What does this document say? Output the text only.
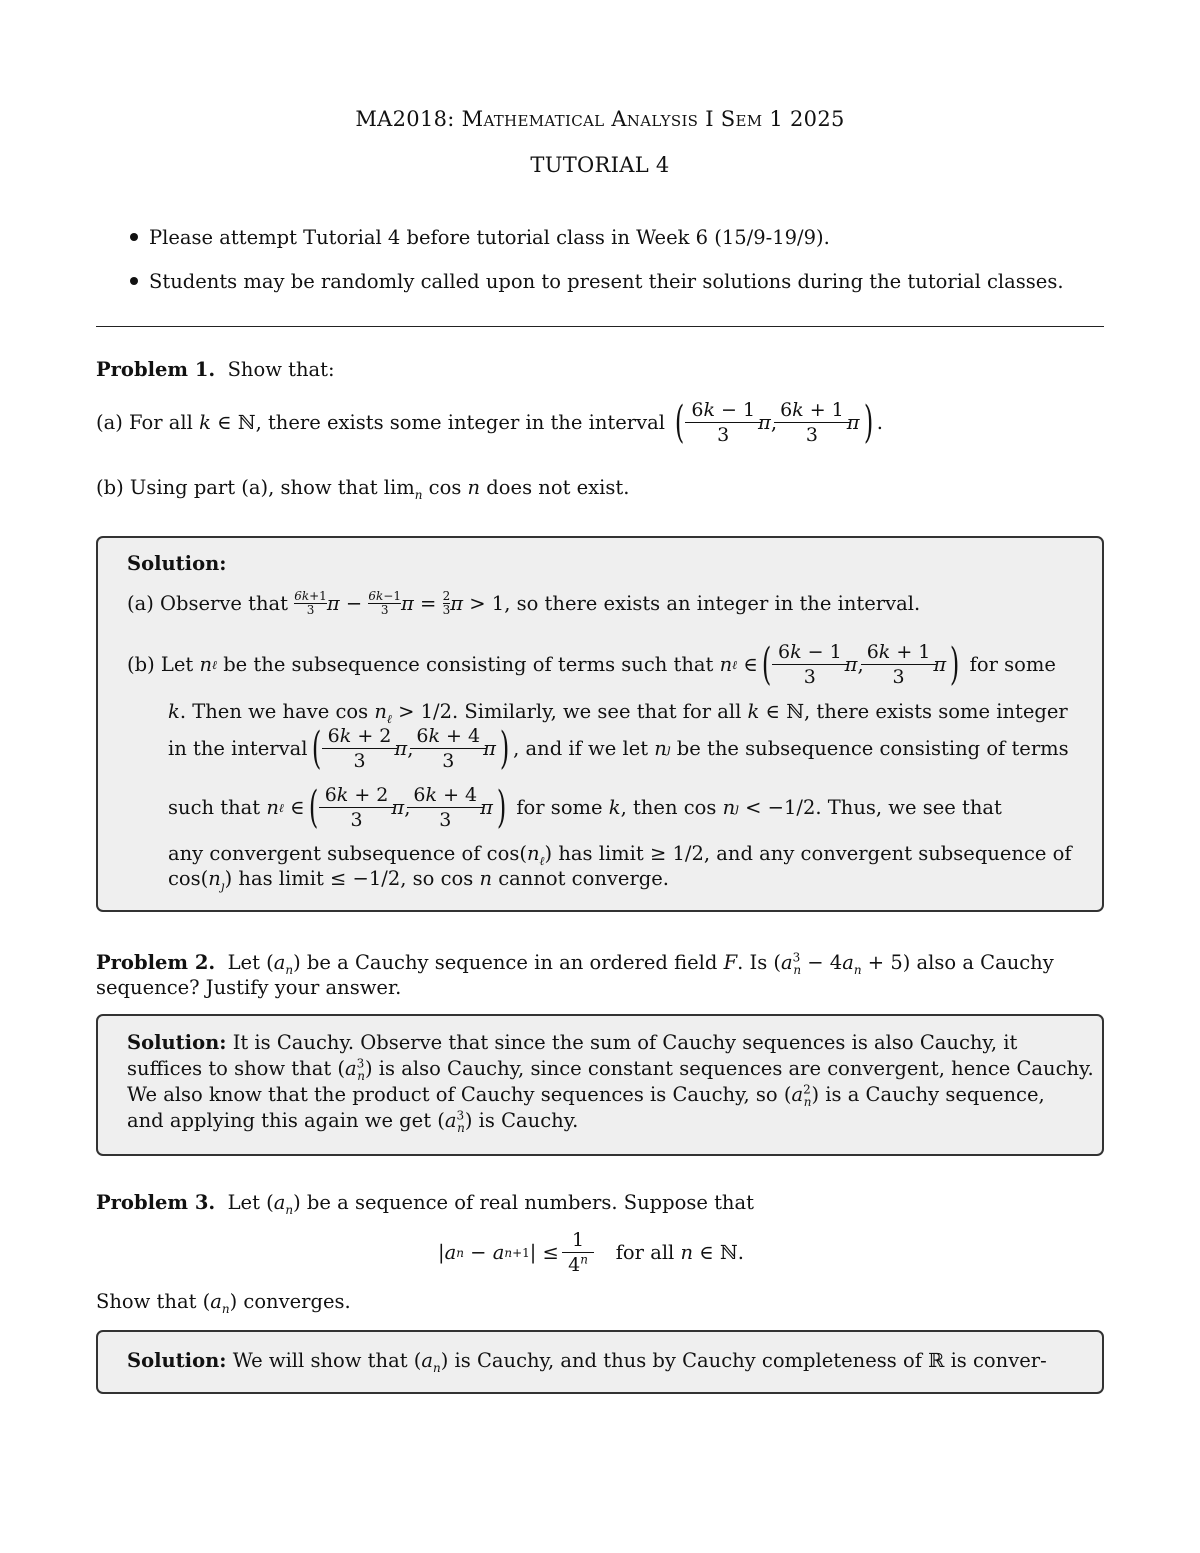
MA2018: Mathematical Analysis I Sem 1 2025
TUTORIAL 4
Please attempt Tutorial 4 before tutorial class in Week 6 (15/9-19/9).
Students may be randomly called upon to present their solutions during the tutorial classes.
Problem 1. Show that:
(a) For all
k ∈ ℕ , there exists some integer in the interval
( $\frac{6k - 1}{3}$ π , $\frac{6k + 1}{3}$ π ) .
(b) Using part (a), show that $\lim_n \cos n$ does not exist.
Solution:
(a) Observe that
6k+1
3 π − 6k−1
3 π = 2
3 π > 1 , so there exists an integer in the interval.
(b) Let
n ℓ
be the subsequence consisting of terms such that
n ℓ ∈ ( $\frac{6k - 1}{3}$ π , $\frac{6k + 1}{3}$ π )
for some
k. Then we have $\cos n_\ell > 1/2$. Similarly, we see that for all k ∈ ℕ, there exists some integer
in the interval ( $\frac{6k + 2}{3}$ π , $\frac{6k + 4}{3}$ π ) , and if we let
n ȷ
be the subsequence consisting of terms
such that
n ℓ ∈ ( $\frac{6k + 2}{3}$ π , $\frac{6k + 4}{3}$ π )
for some
k , then cos
n ȷ < −1/2 . Thus, we see that
any convergent subsequence of $\cos(n_\ell)$ has limit ≥ 1/2, and any convergent subsequence of
$\cos(n_ȷ)$ has limit ≤ −1/2, so cos n cannot converge.
Problem 2. Let $(a_n)$ be a Cauchy sequence in an ordered field F. Is $(a^3_n - 4a_n + 5)$ also a Cauchy
sequence? Justify your answer.
Solution: It is Cauchy. Observe that since the sum of Cauchy sequences is also Cauchy, it
suffices to show that $(a^3_n)$ is also Cauchy, since constant sequences are convergent, hence Cauchy.
We also know that the product of Cauchy sequences is Cauchy, so $(a^2_n)$ is a Cauchy sequence,
and applying this again we get $(a^3_n)$ is Cauchy.
Problem 3. Let $(a_n)$ be a sequence of real numbers. Suppose that
| a n − a n+1 | ≤ $\frac{1}{4^n}$
for all
n ∈ ℕ.
Show that $(a_n)$ converges.
Solution: We will show that $(a_n)$ is Cauchy, and thus by Cauchy completeness of ℝ is conver-
